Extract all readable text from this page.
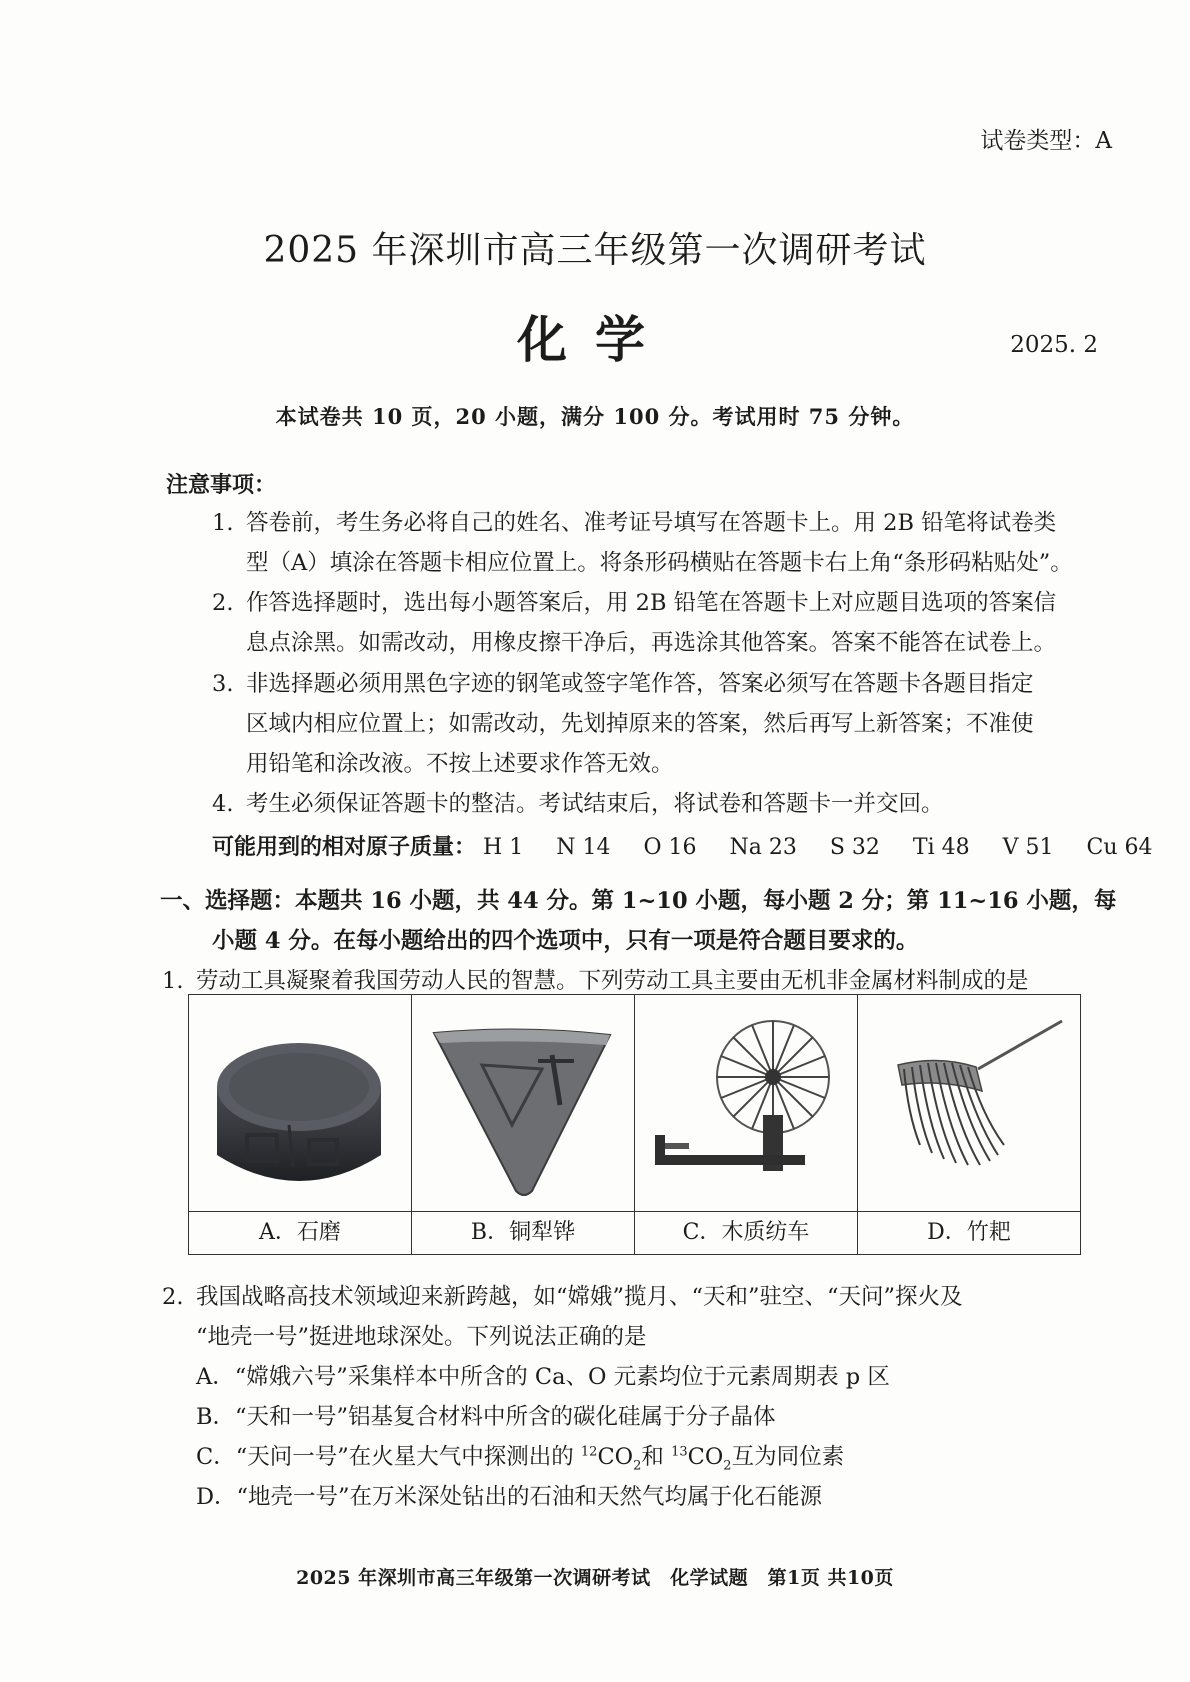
试卷类型：A
2025 年深圳市高三年级第一次调研考试
化学	2025. 2
本试卷共 10 页，20 小题，满分 100 分。考试用时 75 分钟。
注意事项：
1. 答卷前，考生务必将自己的姓名、准考证号填写在答题卡上。用 2B 铅笔将试卷类
型（A）填涂在答题卡相应位置上。将条形码横贴在答题卡右上角“条形码粘贴处”。
2. 作答选择题时，选出每小题答案后，用 2B 铅笔在答题卡上对应题目选项的答案信
息点涂黑。如需改动，用橡皮擦干净后，再选涂其他答案。答案不能答在试卷上。
3. 非选择题必须用黑色字迹的钢笔或签字笔作答，答案必须写在答题卡各题目指定
区域内相应位置上；如需改动，先划掉原来的答案，然后再写上新答案；不准使
用铅笔和涂改液。不按上述要求作答无效。
4. 考生必须保证答题卡的整洁。考试结束后，将试卷和答题卡一并交回。
可能用到的相对原子质量： H 1 N 14 O 16 Na 23 S 32 Ti 48 V 51 Cu 64
一、选择题：本题共 16 小题，共 44 分。第 1~10 小题，每小题 2 分；第 11~16 小题，每
小题 4 分。在每小题给出的四个选项中，只有一项是符合题目要求的。
1. 劳动工具凝聚着我国劳动人民的智慧。下列劳动工具主要由无机非金属材料制成的是

A．石磨	B．铜犁铧	C．木质纺车	D．竹耙
2. 我国战略高技术领域迎来新跨越，如“嫦娥”揽月、“天和”驻空、“天问”探火及
“地壳一号”挺进地球深处。下列说法正确的是
A．“嫦娥六号”采集样本中所含的 Ca、O 元素均位于元素周期表 p 区
B．“天和一号”铝基复合材料中所含的碳化硅属于分子晶体
C．“天问一号”在火星大气中探测出的 $^{12}CO_2$和 $^{13}CO_2$互为同位素
D．“地壳一号”在万米深处钻出的石油和天然气均属于化石能源
2025 年深圳市高三年级第一次调研考试　化学试题　第1页 共10页
